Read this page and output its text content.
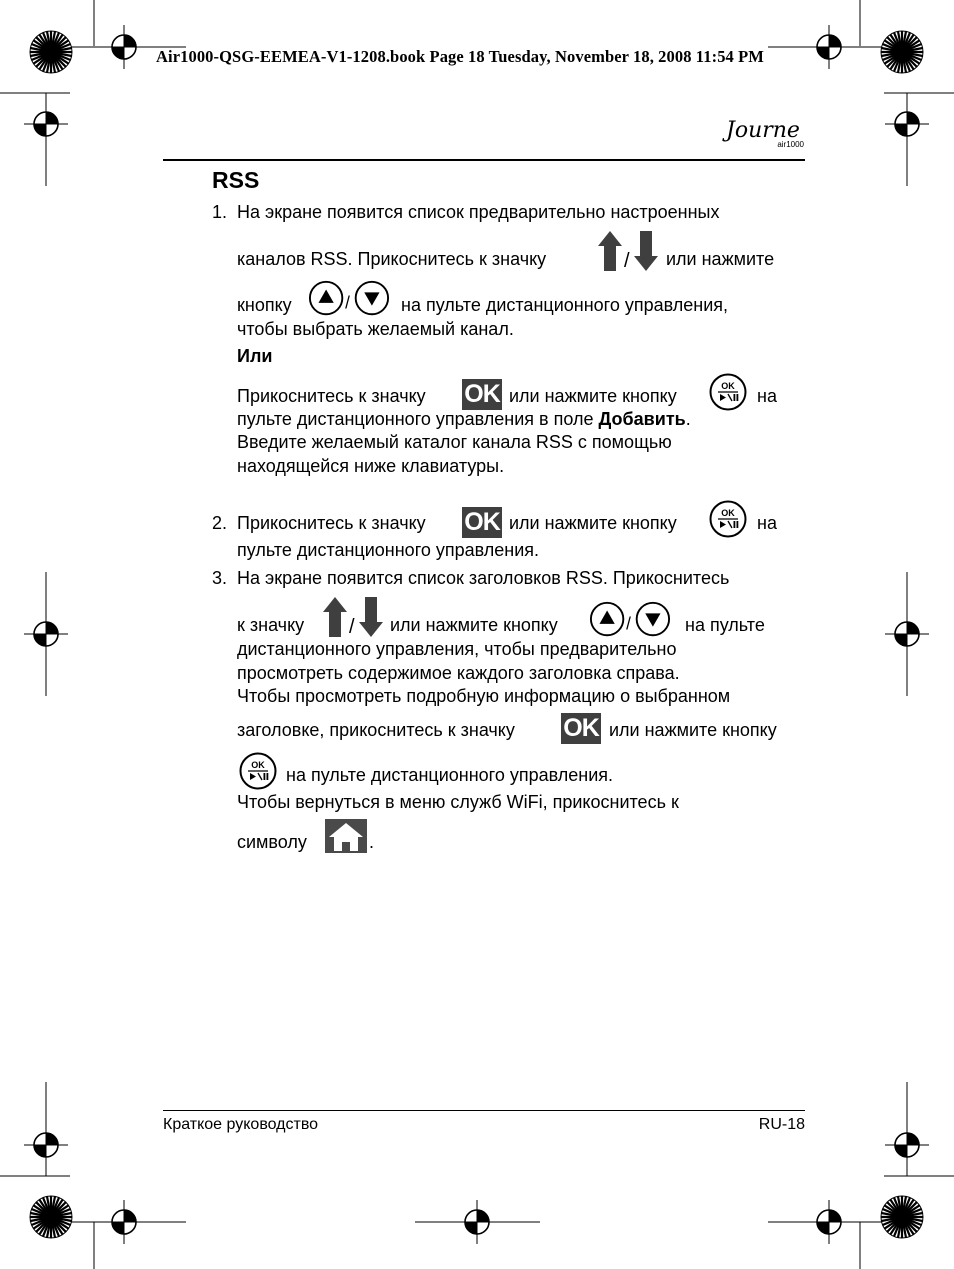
Air1000-QSG-EEMEA-V1-1208.book Page 18 Tuesday, November 18, 2008 11:54 PM
Journe
air1000
RSS
1. На экране появится список предварительно настроенных
каналов RSS. Прикоснитесь к значку	/ или нажмите
кнопку	/	на пульте дистанционного управления,
чтобы выбрать желаемый канал.
Или
Прикоснитесь к значку OK или нажмите кнопку	OK на
пульте дистанционного управления в поле Добавить.
Введите желаемый каталог канала RSS с помощью
находящейся ниже клавиатуры.
2. Прикоснитесь к значку OK или нажмите кнопку	OK на
пульте дистанционного управления.
3. На экране появится список заголовков RSS. Прикоснитесь
к значку / или нажмите кнопку	/	на пульте
дистанционного управления, чтобы предварительно
просмотреть содержимое каждого заголовка справа.
Чтобы просмотреть подробную информацию о выбранном
заголовке, прикоснитесь к значку OK или нажмите кнопку
OK на пульте дистанционного управления.
Чтобы вернуться в меню служб WiFi, прикоснитесь к
символу	.
Краткое руководство	RU-18
